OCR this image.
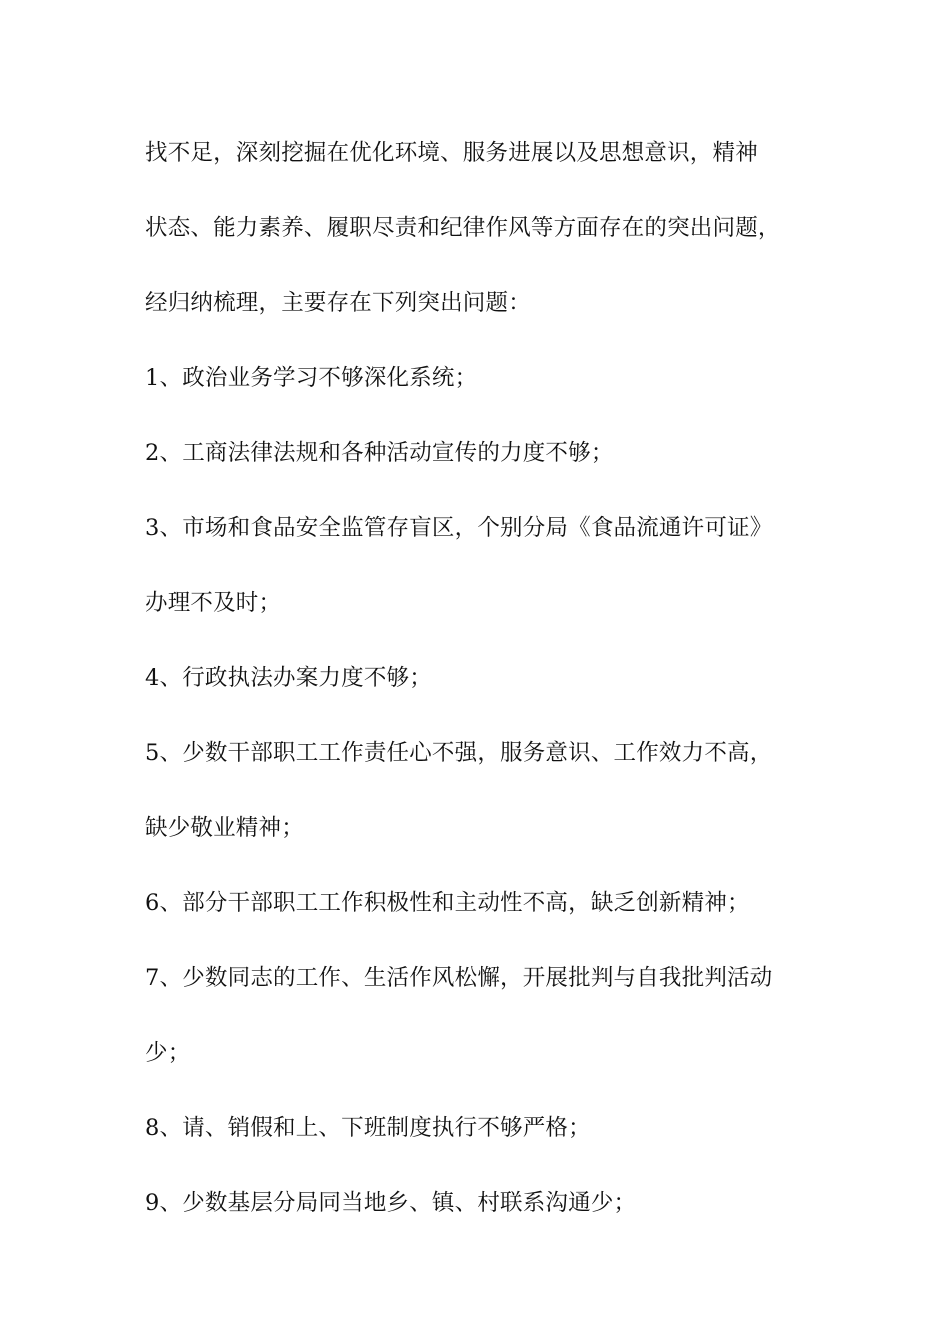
找不足，深刻挖掘在优化环境、服务进展以及思想意识，精神
状态、能力素养、履职尽责和纪律作风等方面存在的突出问题，
经归纳梳理，主要存在下列突出问题：
1、政治业务学习不够深化系统；
2、工商法律法规和各种活动宣传的力度不够；
3、市场和食品安全监管存盲区，个别分局《食品流通许可证》
办理不及时；
4、行政执法办案力度不够；
5、少数干部职工工作责任心不强，服务意识、工作效力不高，
缺少敬业精神；
6、部分干部职工工作积极性和主动性不高，缺乏创新精神；
7、少数同志的工作、生活作风松懈，开展批判与自我批判活动
少；
8、请、销假和上、下班制度执行不够严格；
9、少数基层分局同当地乡、镇、村联系沟通少；
